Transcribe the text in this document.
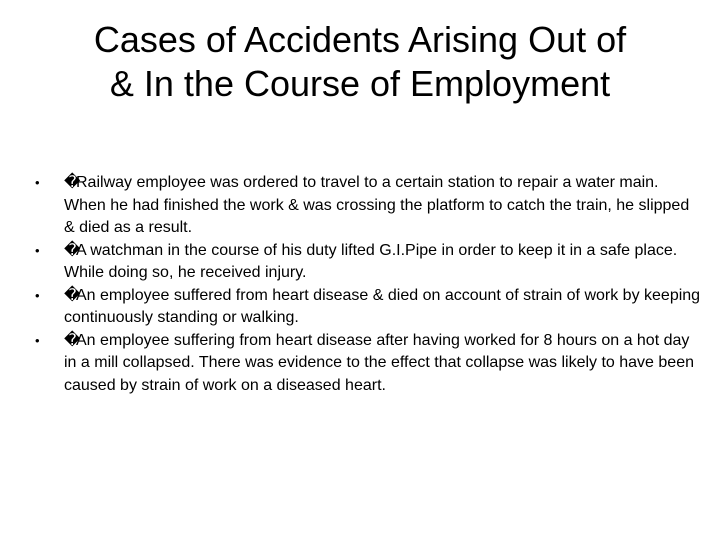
Cases of Accidents Arising Out of
& In the Course of Employment
• �Railway employee was ordered to travel to a certain station to repair a water main. When he had finished the work & was crossing the platform to catch the train, he slipped & died as a result.
• �A watchman in the course of his duty lifted G.I.Pipe in order to keep it in a safe place. While doing so, he received injury.
• �An employee suffered from heart disease & died on account of strain of work by keeping continuously standing or walking.
• �An employee suffering from heart disease after having worked for 8 hours on a hot day in a mill collapsed. There was evidence to the effect that collapse was likely to have been caused by strain of work on a diseased heart.
